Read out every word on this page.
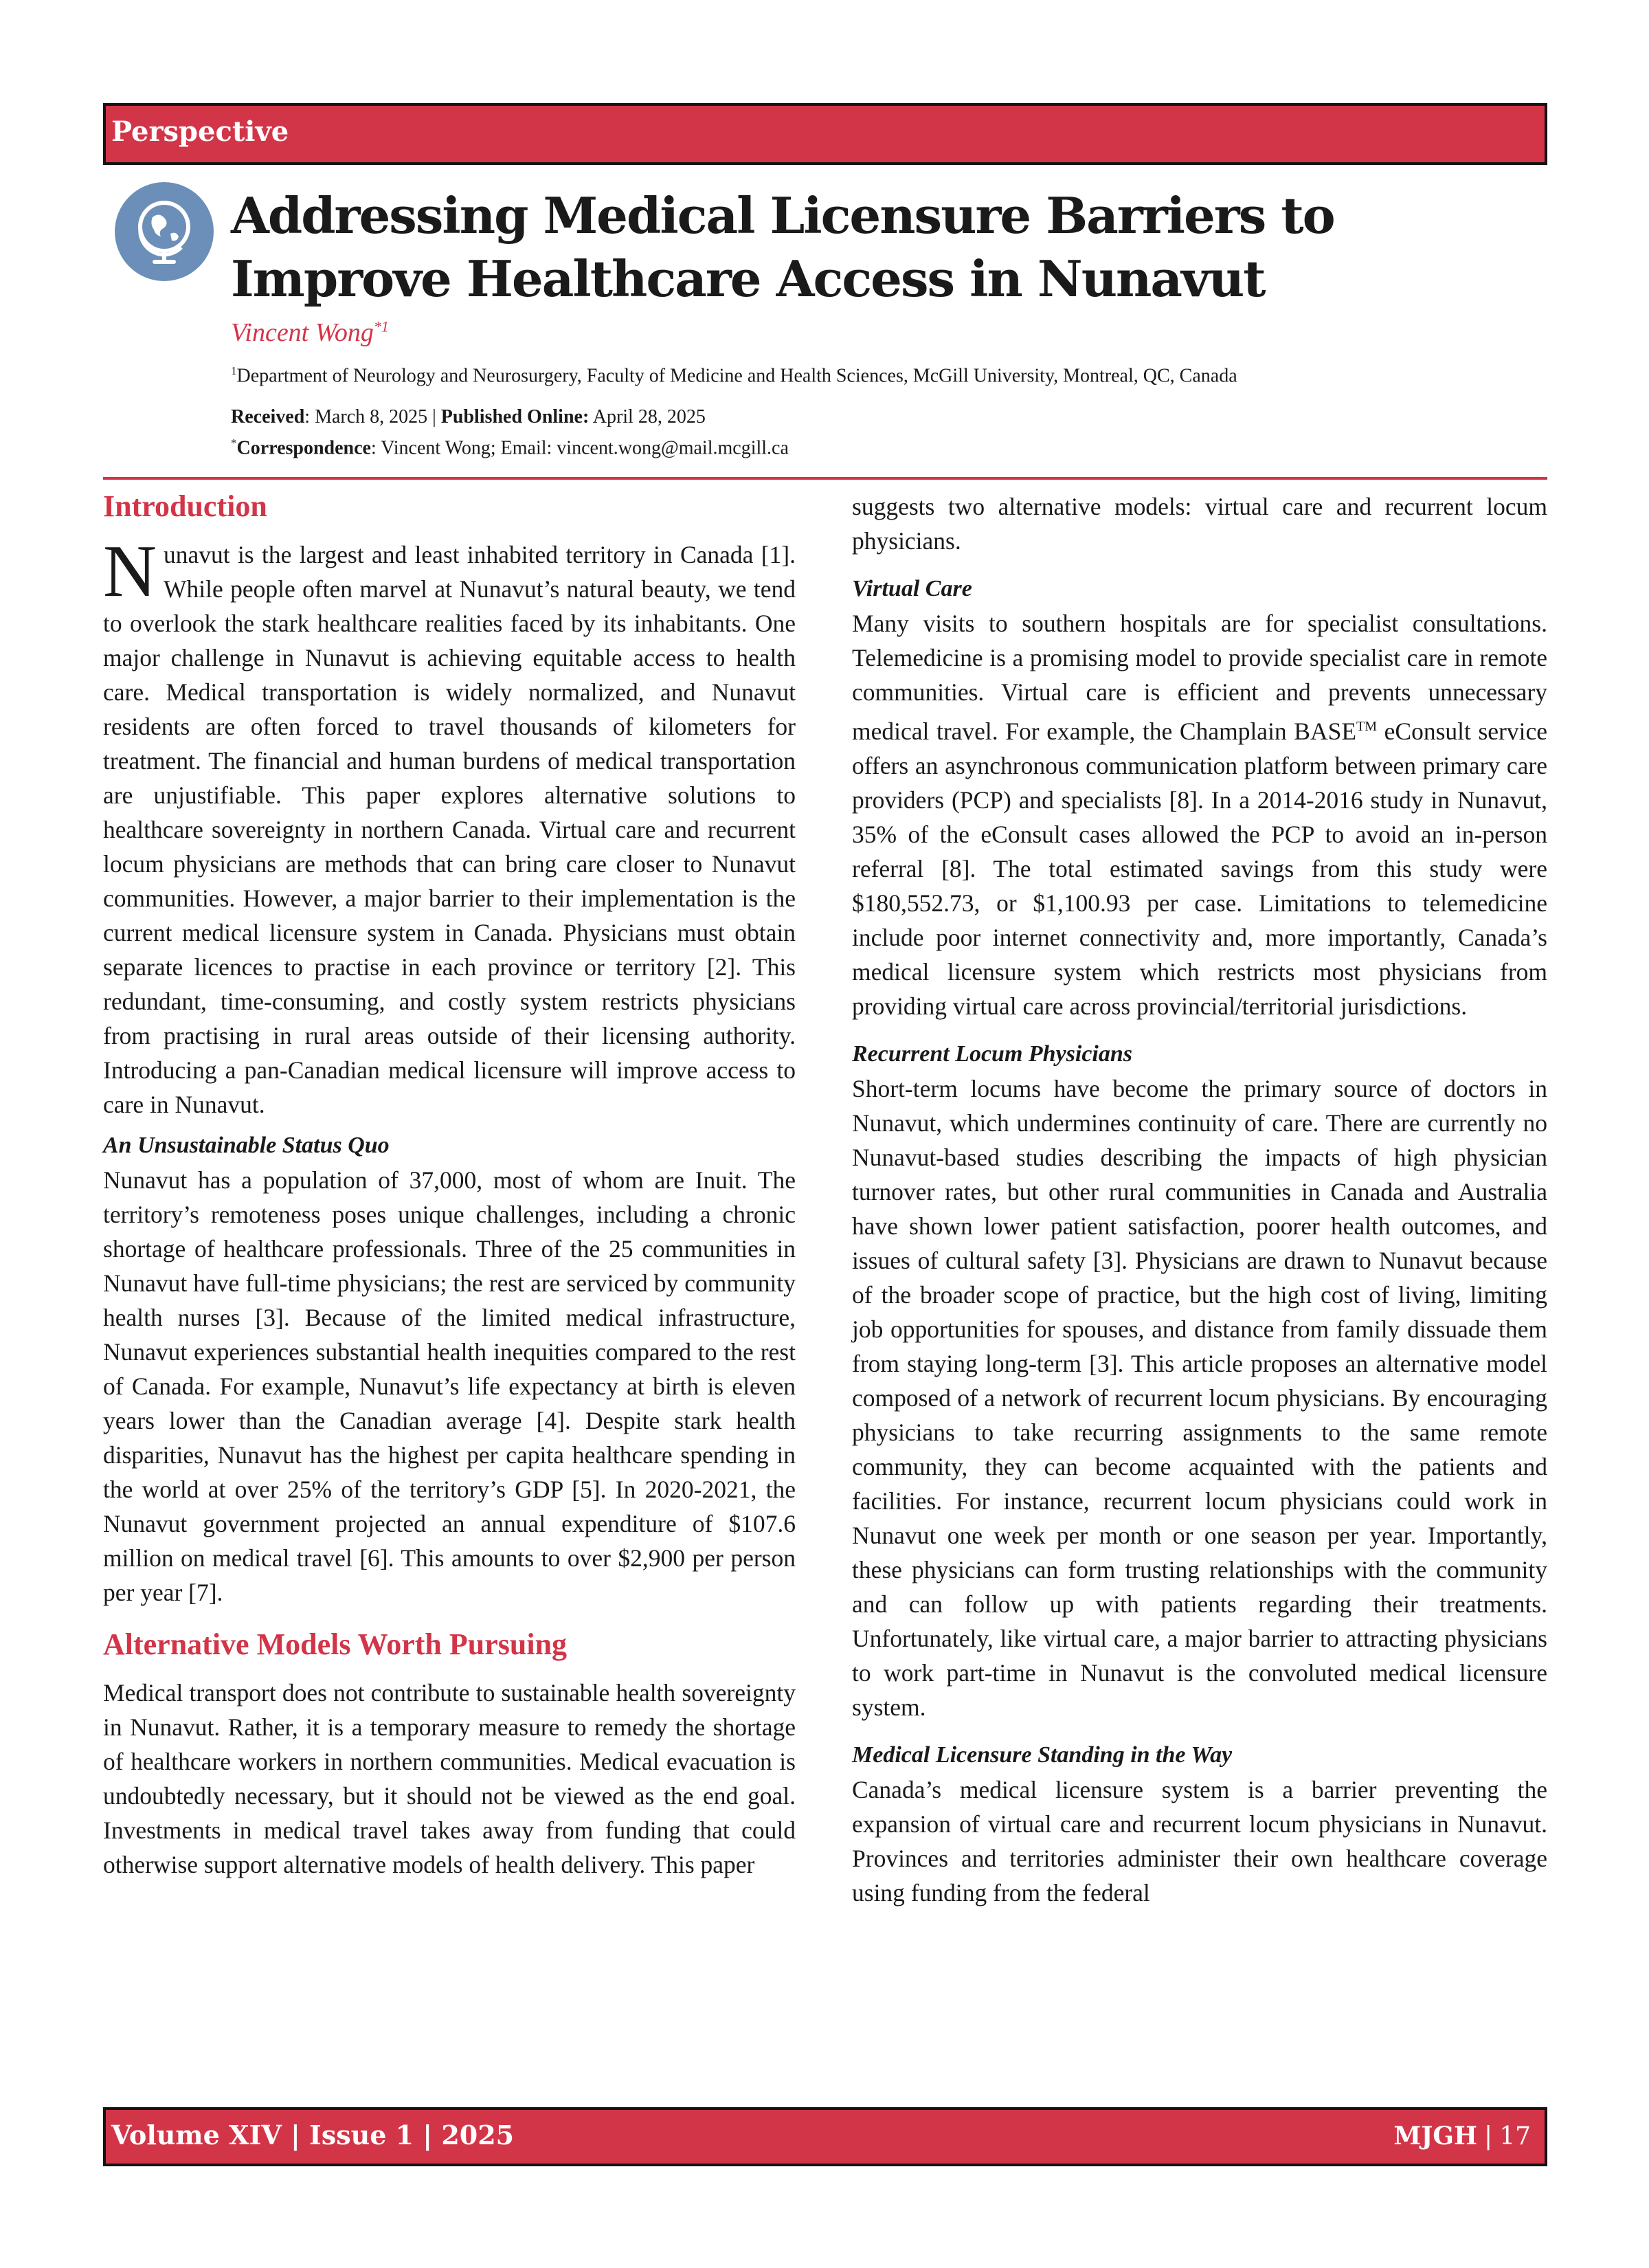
Perspective
Addressing Medical Licensure Barriers to Improve Healthcare Access in Nunavut
Vincent Wong$^{*1}$
$^1$Department of Neurology and Neurosurgery, Faculty of Medicine and Health Sciences, McGill University, Montreal, QC, Canada
Received: March 8, 2025 | Published Online: April 28, 2025
*Correspondence: Vincent Wong; Email: vincent.wong@mail.mcgill.ca
Introduction

Nunavut is the largest and least inhabited territory in Canada [1]. While people often marvel at Nunavut’s natural beauty, we tend to overlook the stark healthcare realities faced by its inhabitants. One major challenge in Nunavut is achieving equitable access to health care. Medical transportation is widely normalized, and Nunavut residents are often forced to travel thousands of kilometers for treatment. The financial and human burdens of medical transportation are unjustifiable. This paper explores alternative solutions to healthcare sovereignty in northern Canada. Virtual care and recurrent locum physicians are methods that can bring care closer to Nunavut communities. However, a major barrier to their implementation is the current medical licensure system in Canada. Physicians must obtain separate licences to practise in each province or territory [2]. This redundant, time-consuming, and costly system restricts physicians from practising in rural areas outside of their licensing authority. Introducing a pan-Canadian medical licensure will improve access to care in Nunavut.

An Unsustainable Status Quo

Nunavut has a population of 37,000, most of whom are Inuit. The territory’s remoteness poses unique challenges, including a chronic shortage of healthcare professionals. Three of the 25 communities in Nunavut have full-time physicians; the rest are serviced by community health nurses [3]. Because of the limited medical infrastructure, Nunavut experiences substantial health inequities compared to the rest of Canada. For example, Nunavut’s life expectancy at birth is eleven years lower than the Canadian average [4]. Despite stark health disparities, Nunavut has the highest per capita healthcare spending in the world at over 25% of the territory’s GDP [5]. In 2020-2021, the Nunavut government projected an annual expenditure of $107.6 million on medical travel [6]. This amounts to over $2,900 per person per year [7].

Alternative Models Worth Pursuing

Medical transport does not contribute to sustainable health sovereignty in Nunavut. Rather, it is a temporary measure to remedy the shortage of healthcare workers in northern communities. Medical evacuation is undoubtedly necessary, but it should not be viewed as the end goal. Investments in medical travel takes away from funding that could otherwise support alternative models of health delivery. This paper

suggests two alternative models: virtual care and recurrent locum physicians.

Virtual Care

Many visits to southern hospitals are for specialist consultations. Telemedicine is a promising model to provide specialist care in remote communities. Virtual care is efficient and prevents unnecessary medical travel. For example, the Champlain BASE™ eConsult service offers an asynchronous communication platform between primary care providers (PCP) and specialists [8]. In a 2014-2016 study in Nunavut, 35% of the eConsult cases allowed the PCP to avoid an in-person referral [8]. The total estimated savings from this study were $180,552.73, or $1,100.93 per case. Limitations to telemedicine include poor internet connectivity and, more importantly, Canada’s medical licensure system which restricts most physicians from providing virtual care across provincial/territorial jurisdictions.

Recurrent Locum Physicians

Short-term locums have become the primary source of doctors in Nunavut, which undermines continuity of care. There are currently no Nunavut-based studies describing the impacts of high physician turnover rates, but other rural communities in Canada and Australia have shown lower patient satisfaction, poorer health outcomes, and issues of cultural safety [3]. Physicians are drawn to Nunavut because of the broader scope of practice, but the high cost of living, limiting job opportunities for spouses, and distance from family dissuade them from staying long-term [3]. This article proposes an alternative model composed of a network of recurrent locum physicians. By encouraging physicians to take recurring assignments to the same remote community, they can become acquainted with the patients and facilities. For instance, recurrent locum physicians could work in Nunavut one week per month or one season per year. Importantly, these physicians can form trusting relationships with the community and can follow up with patients regarding their treatments. Unfortunately, like virtual care, a major barrier to attracting physicians to work part-time in Nunavut is the convoluted medical licensure system.

Medical Licensure Standing in the Way

Canada’s medical licensure system is a barrier preventing the expansion of virtual care and recurrent locum physicians in Nunavut. Provinces and territories administer their own healthcare coverage using funding from the federal

Volume XIV | Issue 1 | 2025	MJGH | 17
